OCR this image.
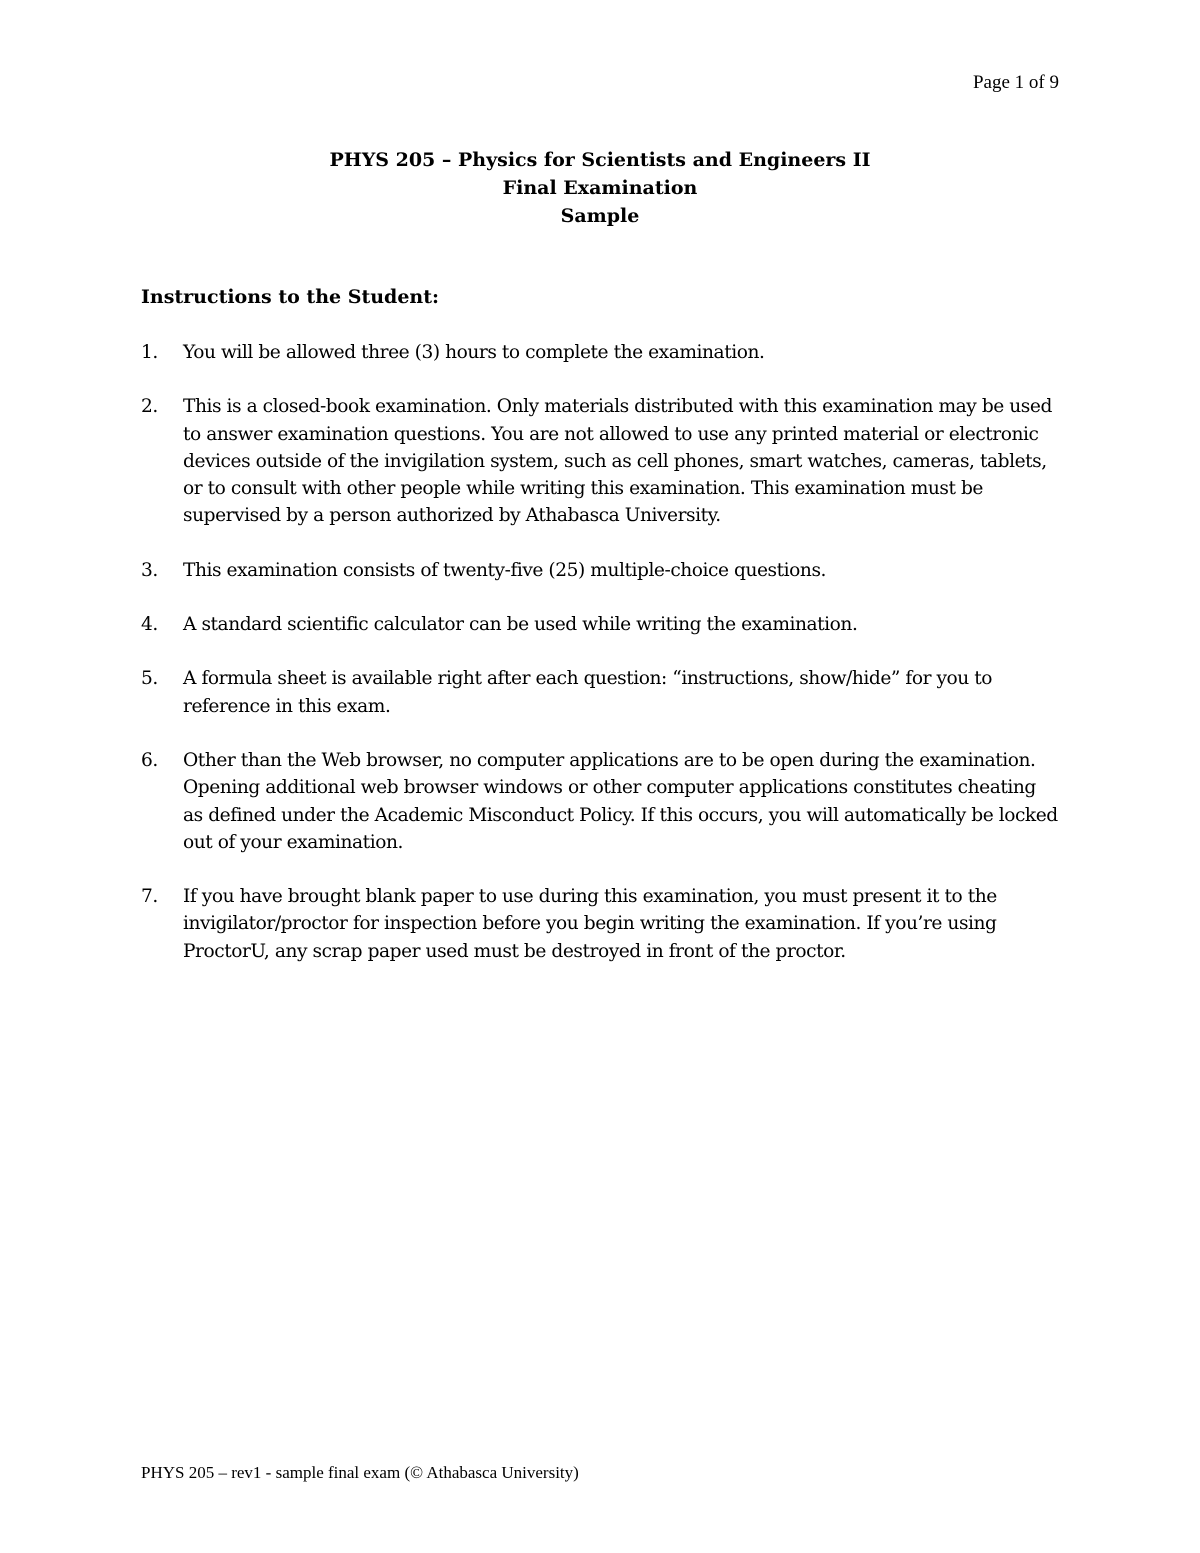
Page 1 of 9
PHYS 205 – Physics for Scientists and Engineers II
Final Examination
Sample
Instructions to the Student:
1. You will be allowed three (3) hours to complete the examination.
2. This is a closed-book examination. Only materials distributed with this examination may be used to answer examination questions. You are not allowed to use any printed material or electronic devices outside of the invigilation system, such as cell phones, smart watches, cameras, tablets, or to consult with other people while writing this examination. This examination must be supervised by a person authorized by Athabasca University.
3. This examination consists of twenty-five (25) multiple-choice questions.
4. A standard scientific calculator can be used while writing the examination.
5. A formula sheet is available right after each question: “instructions, show/hide” for you to reference in this exam.
6. Other than the Web browser, no computer applications are to be open during the examination. Opening additional web browser windows or other computer applications constitutes cheating as defined under the Academic Misconduct Policy. If this occurs, you will automatically be locked out of your examination.
7. If you have brought blank paper to use during this examination, you must present it to the invigilator/proctor for inspection before you begin writing the examination. If you’re using ProctorU, any scrap paper used must be destroyed in front of the proctor.
PHYS 205 – rev1 - sample final exam (© Athabasca University)
